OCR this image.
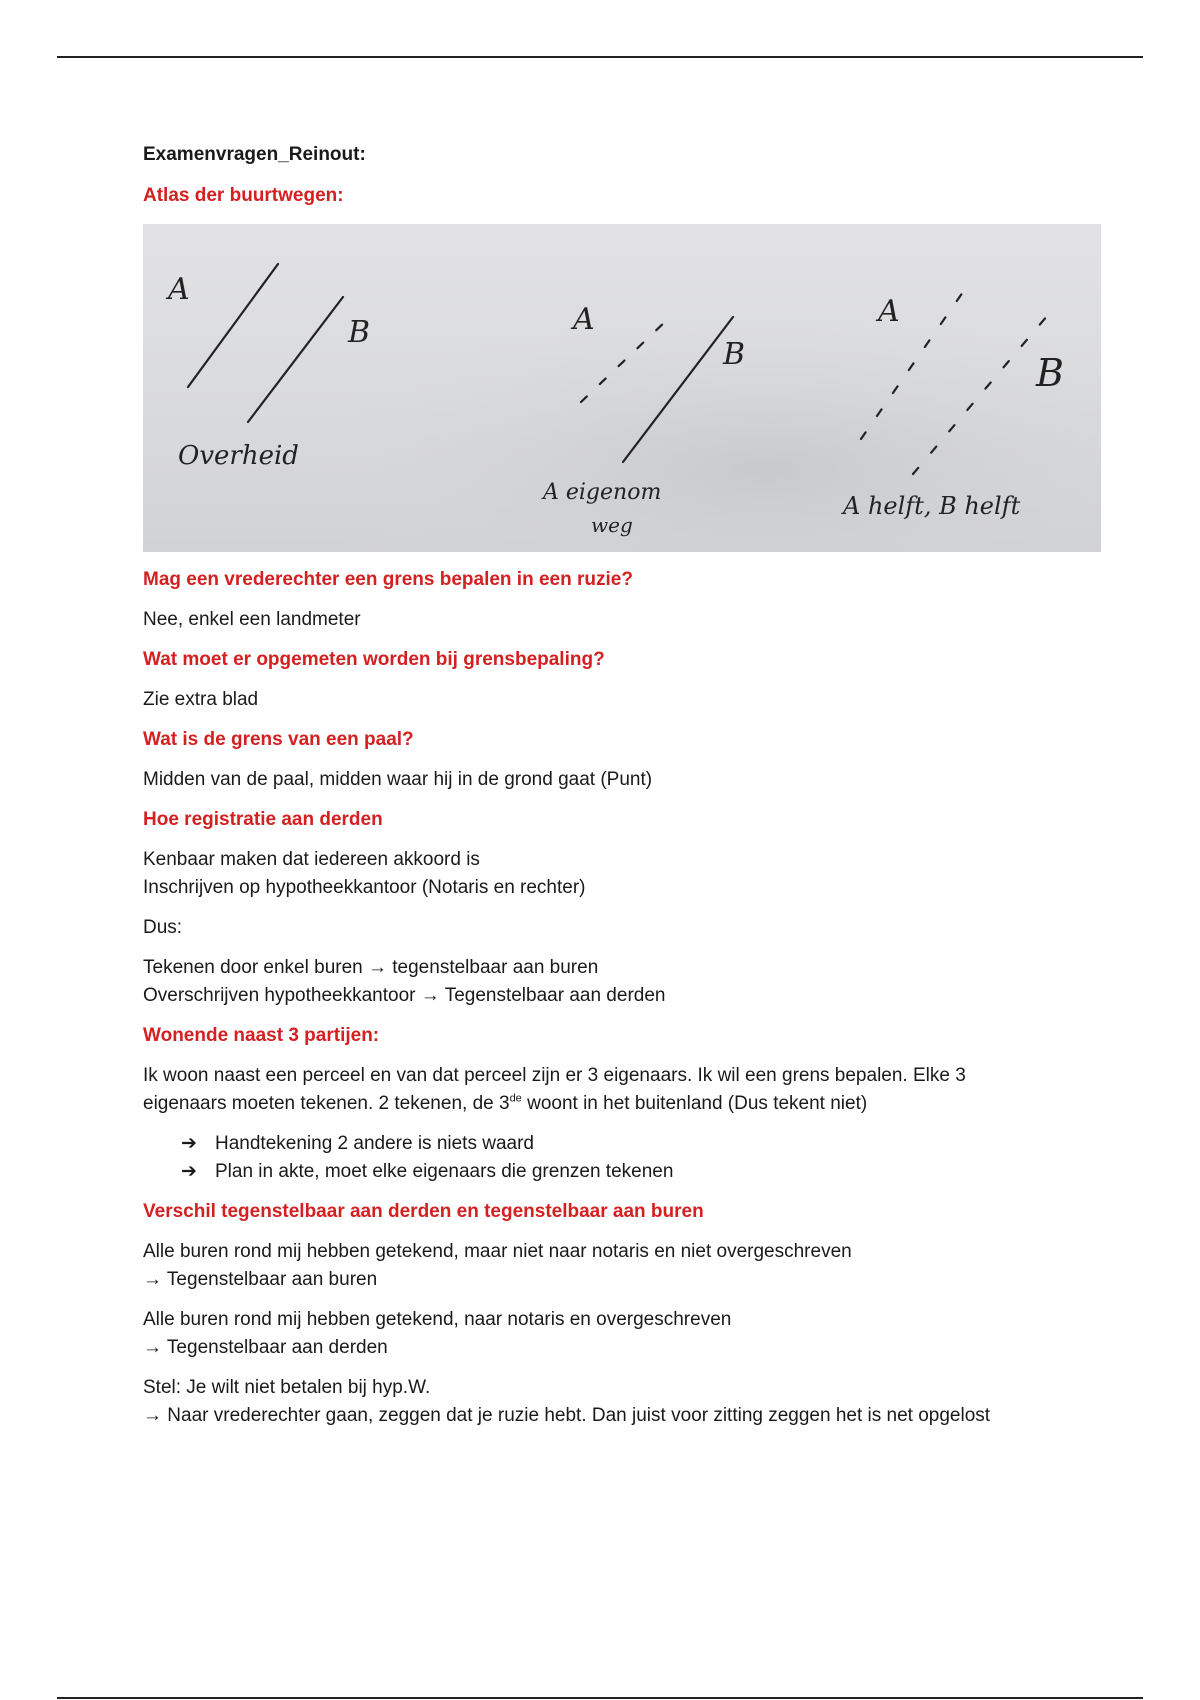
Examenvragen_Reinout:

Atlas der buurtwegen:

A
B	A
B
A
B
Overheid
A eigenom
weg
A helft, B helft

Mag een vrederechter een grens bepalen in een ruzie?

Nee, enkel een landmeter

Wat moet er opgemeten worden bij grensbepaling?

Zie extra blad

Wat is de grens van een paal?

Midden van de paal, midden waar hij in de grond gaat (Punt)

Hoe registratie aan derden

Kenbaar maken dat iedereen akkoord is

Inschrijven op hypotheekkantoor (Notaris en rechter)

Dus:

Tekenen door enkel buren → tegenstelbaar aan buren

Overschrijven hypotheekkantoor → Tegenstelbaar aan derden

Wonende naast 3 partijen:

Ik woon naast een perceel en van dat perceel zijn er 3 eigenaars. Ik wil een grens bepalen. Elke 3

eigenaars moeten tekenen. 2 tekenen, de 3de woont in het buitenland (Dus tekent niet)

➔ Handtekening 2 andere is niets waard
➔ Plan in akte, moet elke eigenaars die grenzen tekenen

Verschil tegenstelbaar aan derden en tegenstelbaar aan buren

Alle buren rond mij hebben getekend, maar niet naar notaris en niet overgeschreven

→ Tegenstelbaar aan buren

Alle buren rond mij hebben getekend, naar notaris en overgeschreven

→ Tegenstelbaar aan derden

Stel: Je wilt niet betalen bij hyp.W.

→ Naar vrederechter gaan, zeggen dat je ruzie hebt. Dan juist voor zitting zeggen het is net opgelost
